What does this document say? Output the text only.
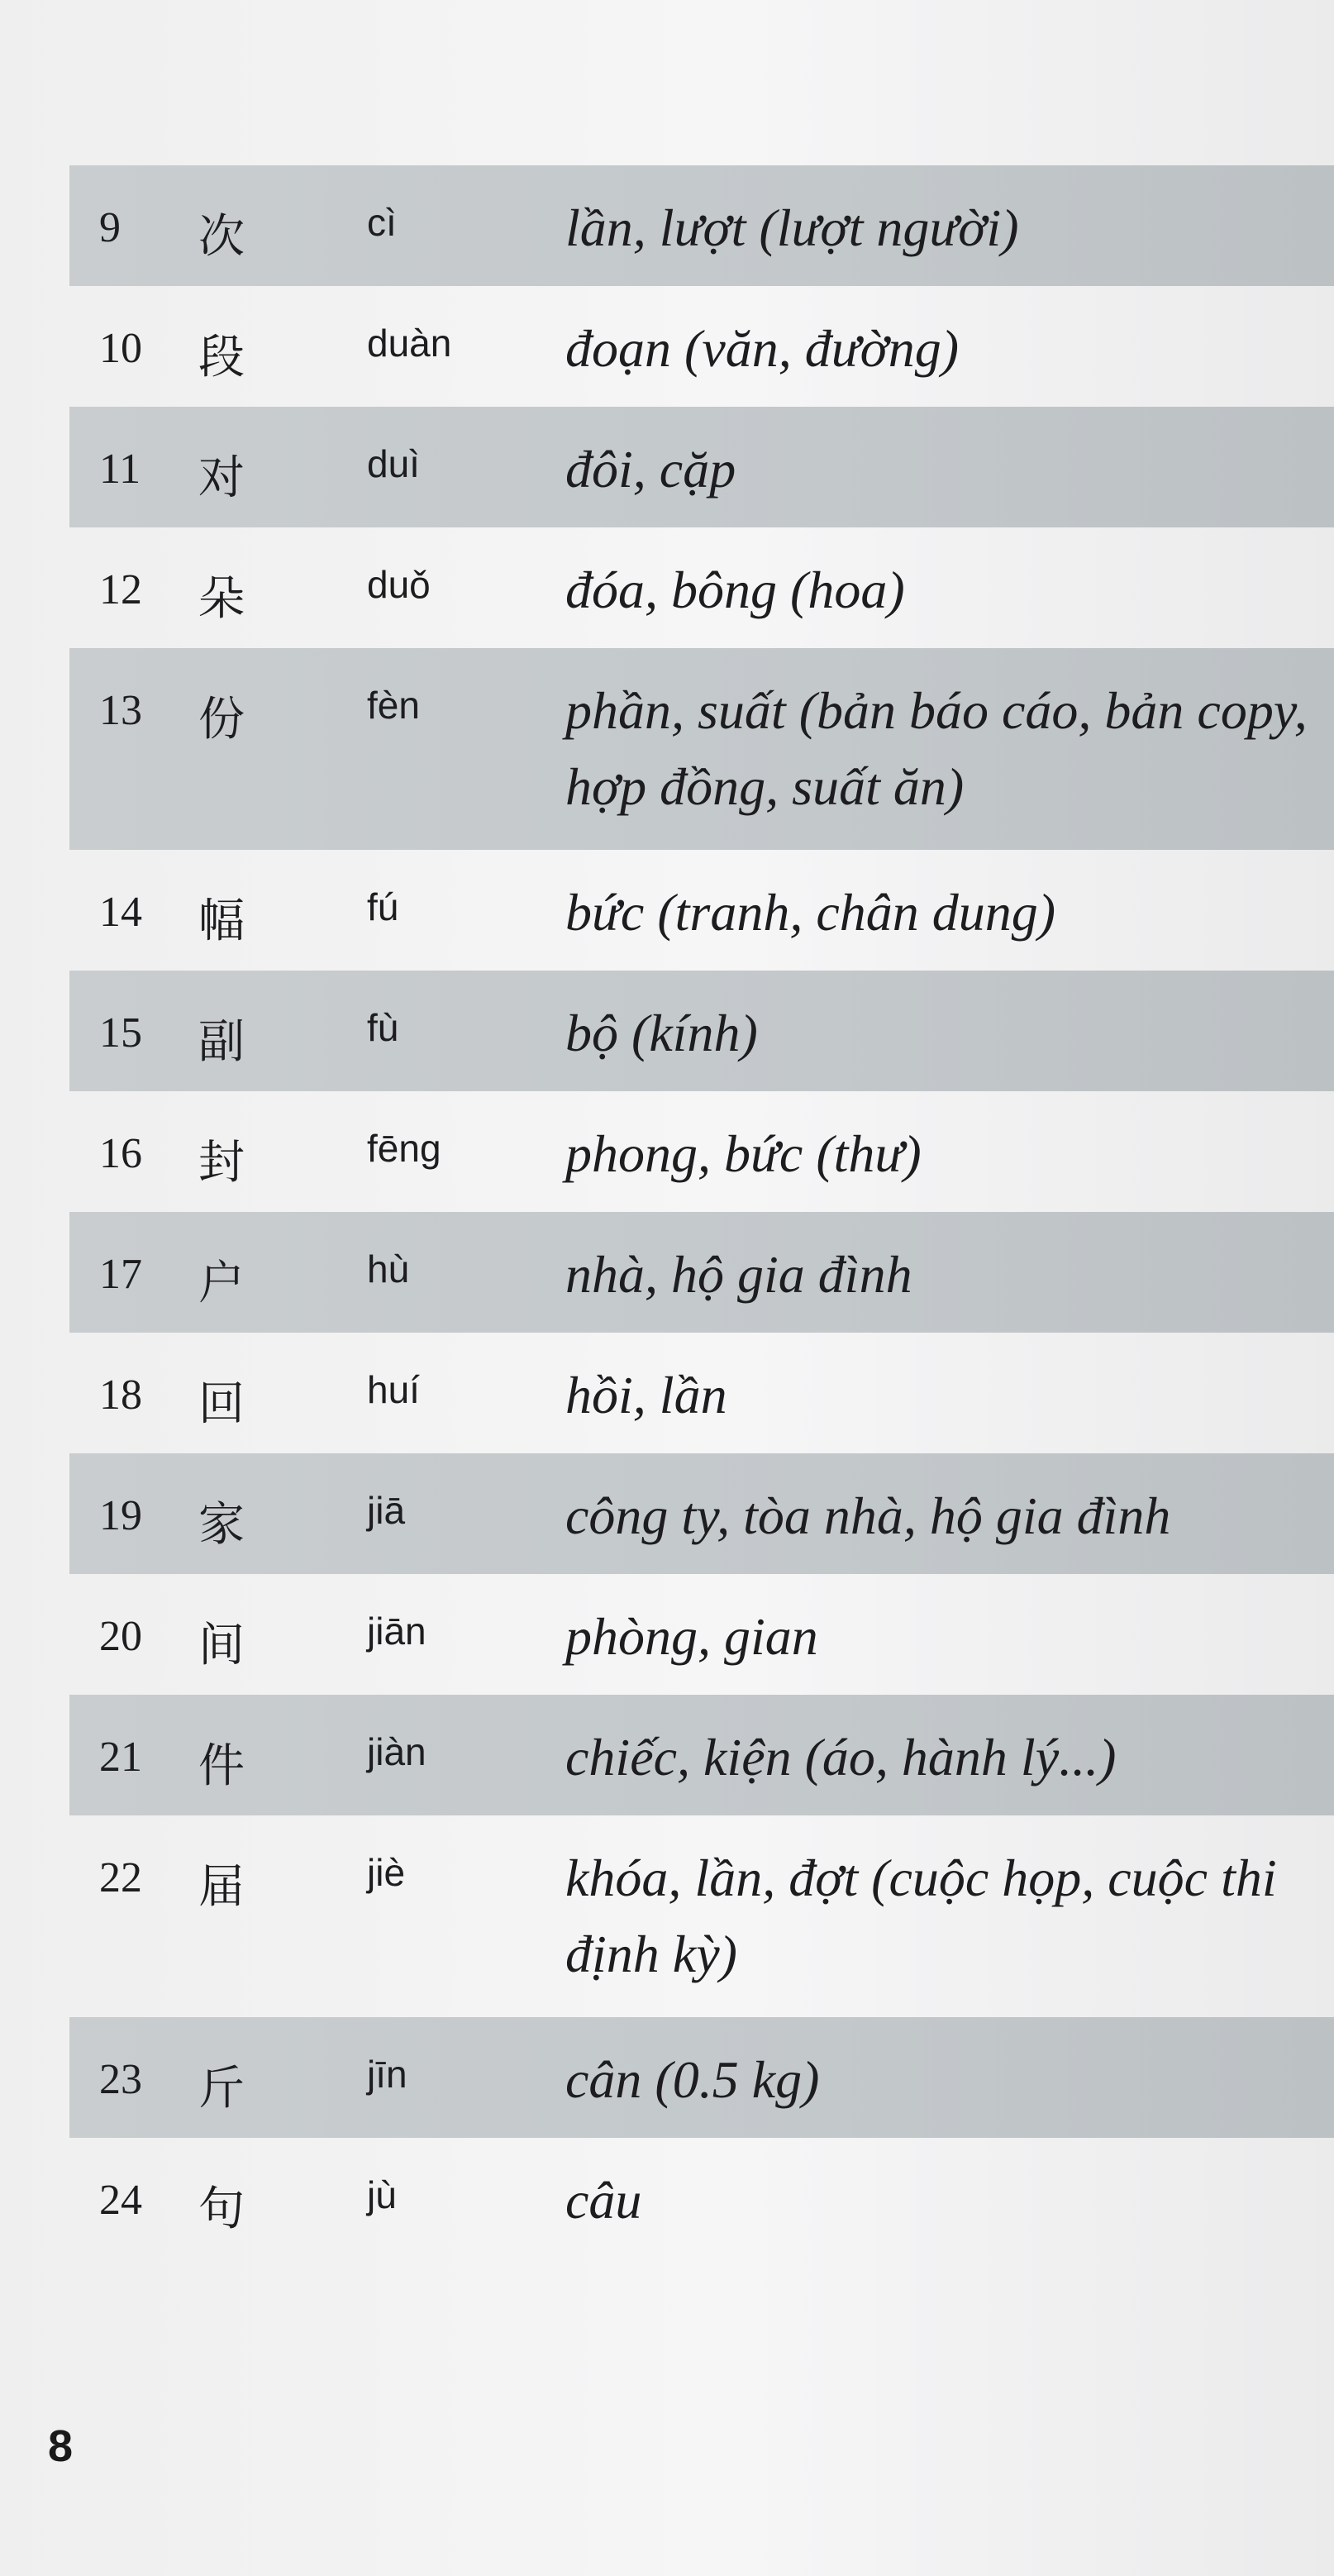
9	次	cì	lần, lượt (lượt người)
10	段	duàn	đoạn (văn, đường)
11	对	duì	đôi, cặp
12	朵	duǒ	đóa, bông (hoa)
13	份	fèn	phần, suất (bản báo cáo, bản copy, hợp đồng, suất ăn)
14	幅	fú	bức (tranh, chân dung)
15	副	fù	bộ (kính)
16	封	fēng	phong, bức (thư)
17	户	hù	nhà, hộ gia đình
18	回	huí	hồi, lần
19	家	jiā	công ty, tòa nhà, hộ gia đình
20	间	jiān	phòng, gian
21	件	jiàn	chiếc, kiện (áo, hành lý...)
22	届	jiè	khóa, lần, đợt (cuộc họp, cuộc thi định kỳ)
23	斤	jīn	cân (0.5 kg)
24	句	jù	câu
8
